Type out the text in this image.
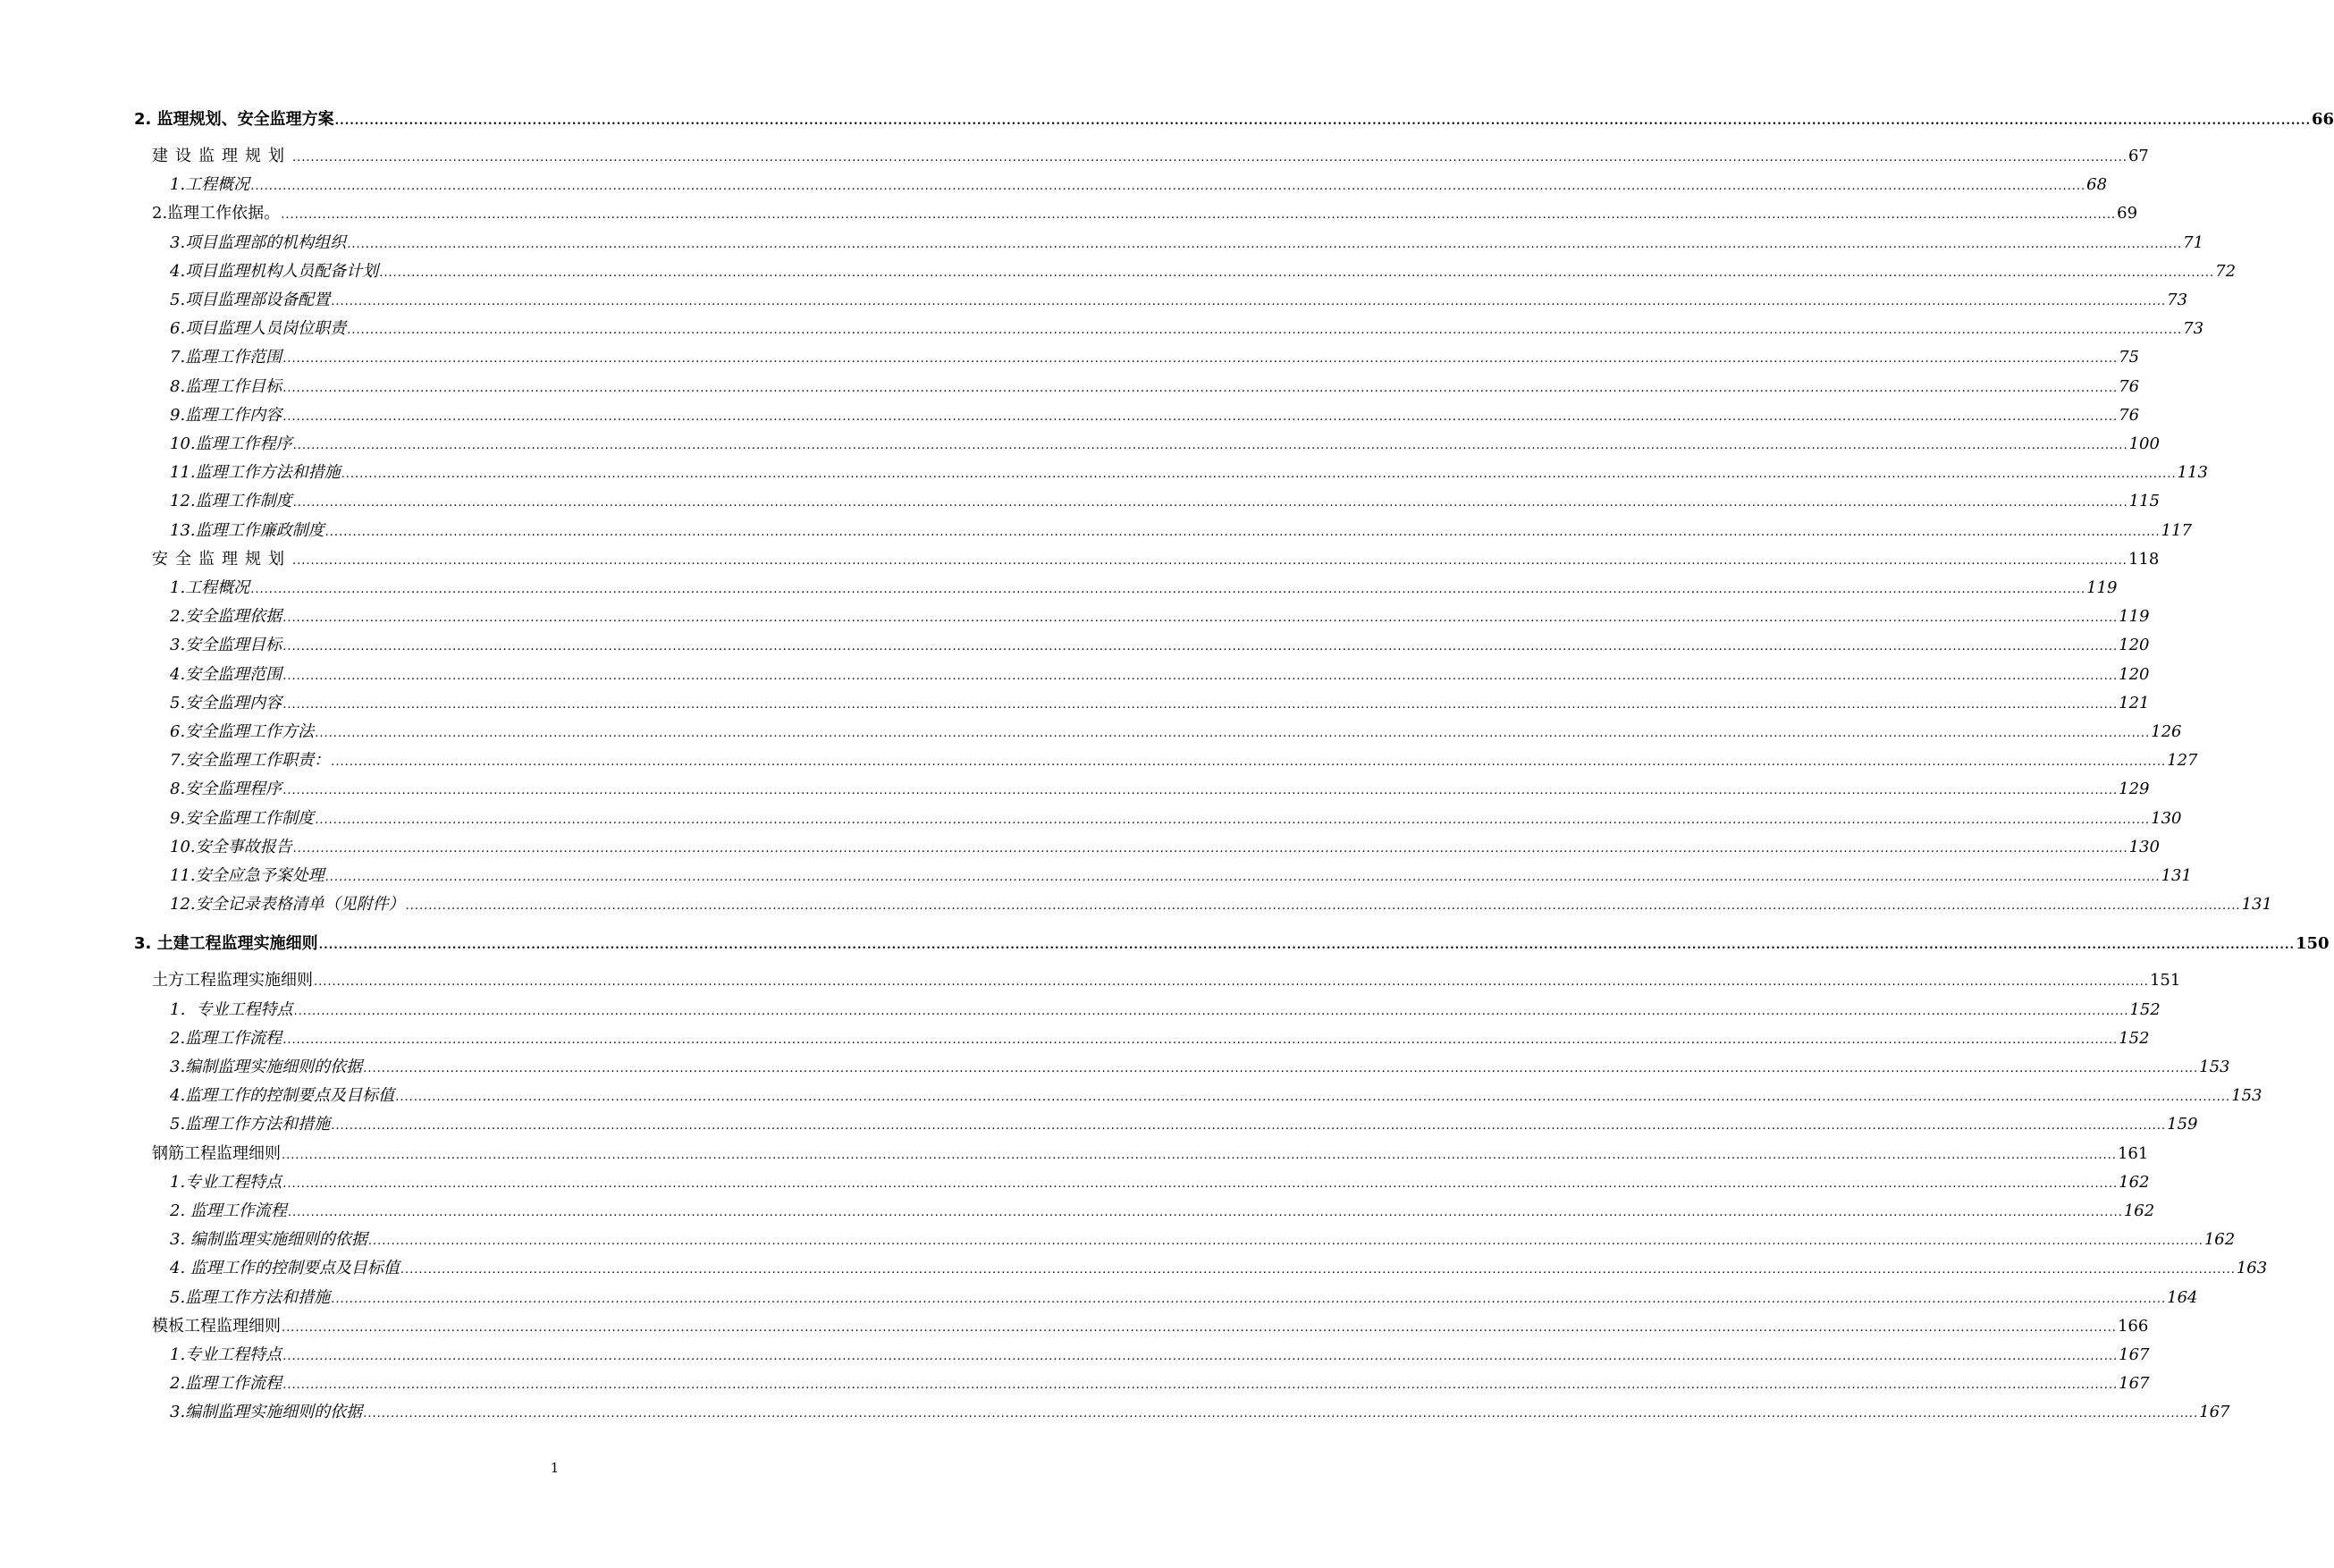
2. 监理规划、安全监理方案 ................................................................................................................................................................................................................................................................................................................................................................................................................ 66
建设监理规划 ................................................................................................................................................................................................................................................................................................................................................................................................................ 67
1.工程概况 ................................................................................................................................................................................................................................................................................................................................................................................................................ 68
2.监理工作依据。 ................................................................................................................................................................................................................................................................................................................................................................................................................ 69
3.项目监理部的机构组织 ................................................................................................................................................................................................................................................................................................................................................................................................................ 71
4.项目监理机构人员配备计划 ................................................................................................................................................................................................................................................................................................................................................................................................................ 72
5.项目监理部设备配置 ................................................................................................................................................................................................................................................................................................................................................................................................................ 73
6.项目监理人员岗位职责 ................................................................................................................................................................................................................................................................................................................................................................................................................ 73
7.监理工作范围 ................................................................................................................................................................................................................................................................................................................................................................................................................ 75
8.监理工作目标 ................................................................................................................................................................................................................................................................................................................................................................................................................ 76
9.监理工作内容 ................................................................................................................................................................................................................................................................................................................................................................................................................ 76
10.监理工作程序 ................................................................................................................................................................................................................................................................................................................................................................................................................ 100
11.监理工作方法和措施 ................................................................................................................................................................................................................................................................................................................................................................................................................ 113
12.监理工作制度 ................................................................................................................................................................................................................................................................................................................................................................................................................ 115
13.监理工作廉政制度 ................................................................................................................................................................................................................................................................................................................................................................................................................ 117
安全监理规划 ................................................................................................................................................................................................................................................................................................................................................................................................................ 118
1.工程概况 ................................................................................................................................................................................................................................................................................................................................................................................................................ 119
2.安全监理依据 ................................................................................................................................................................................................................................................................................................................................................................................................................ 119
3.安全监理目标 ................................................................................................................................................................................................................................................................................................................................................................................................................ 120
4.安全监理范围 ................................................................................................................................................................................................................................................................................................................................................................................................................ 120
5.安全监理内容 ................................................................................................................................................................................................................................................................................................................................................................................................................ 121
6.安全监理工作方法 ................................................................................................................................................................................................................................................................................................................................................................................................................ 126
7.安全监理工作职责： ................................................................................................................................................................................................................................................................................................................................................................................................................ 127
8.安全监理程序 ................................................................................................................................................................................................................................................................................................................................................................................................................ 129
9.安全监理工作制度 ................................................................................................................................................................................................................................................................................................................................................................................................................ 130
10.安全事故报告 ................................................................................................................................................................................................................................................................................................................................................................................................................ 130
11.安全应急予案处理 ................................................................................................................................................................................................................................................................................................................................................................................................................ 131
12.安全记录表格清单（见附件） ................................................................................................................................................................................................................................................................................................................................................................................................................ 131
3. 土建工程监理实施细则 ................................................................................................................................................................................................................................................................................................................................................................................................................ 150
土方工程监理实施细则 ................................................................................................................................................................................................................................................................................................................................................................................................................ 151
1．专业工程特点 ................................................................................................................................................................................................................................................................................................................................................................................................................ 152
2.监理工作流程 ................................................................................................................................................................................................................................................................................................................................................................................................................ 152
3.编制监理实施细则的依据 ................................................................................................................................................................................................................................................................................................................................................................................................................ 153
4.监理工作的控制要点及目标值 ................................................................................................................................................................................................................................................................................................................................................................................................................ 153
5.监理工作方法和措施 ................................................................................................................................................................................................................................................................................................................................................................................................................ 159
钢筋工程监理细则 ................................................................................................................................................................................................................................................................................................................................................................................................................ 161
1.专业工程特点 ................................................................................................................................................................................................................................................................................................................................................................................................................ 162
2. 监理工作流程 ................................................................................................................................................................................................................................................................................................................................................................................................................ 162
3. 编制监理实施细则的依据 ................................................................................................................................................................................................................................................................................................................................................................................................................ 162
4. 监理工作的控制要点及目标值 ................................................................................................................................................................................................................................................................................................................................................................................................................ 163
5.监理工作方法和措施 ................................................................................................................................................................................................................................................................................................................................................................................................................ 164
模板工程监理细则 ................................................................................................................................................................................................................................................................................................................................................................................................................ 166
1.专业工程特点 ................................................................................................................................................................................................................................................................................................................................................................................................................ 167
2.监理工作流程 ................................................................................................................................................................................................................................................................................................................................................................................................................ 167
3.编制监理实施细则的依据 ................................................................................................................................................................................................................................................................................................................................................................................................................ 167
1
